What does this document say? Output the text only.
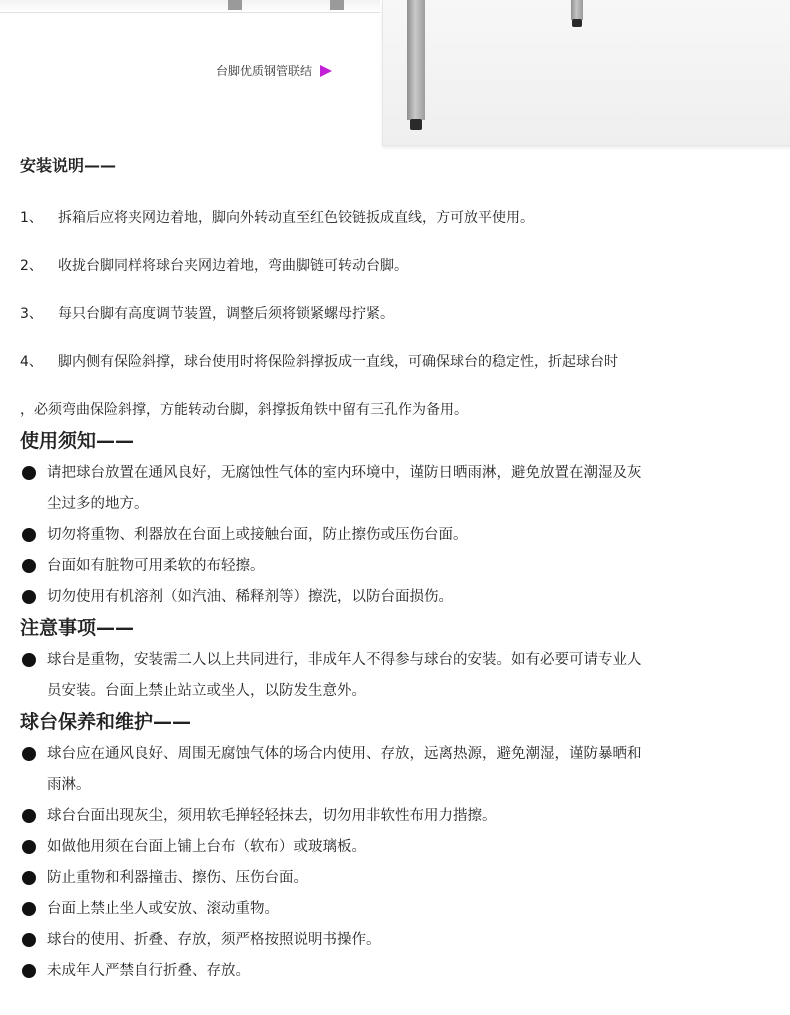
台脚优质钢管联结
安装说明——
1、 拆箱后应将夹网边着地，脚向外转动直至红色铰链扳成直线，方可放平使用。
2、 收拢台脚同样将球台夹网边着地，弯曲脚链可转动台脚。
3、 每只台脚有高度调节装置，调整后须将锁紧螺母拧紧。
4、 脚内侧有保险斜撑，球台使用时将保险斜撑扳成一直线，可确保球台的稳定性，折起球台时
，必须弯曲保险斜撑，方能转动台脚，斜撑扳角铁中留有三孔作为备用。
使用须知——
请把球台放置在通风良好，无腐蚀性气体的室内环境中，谨防日晒雨淋，避免放置在潮湿及灰
尘过多的地方。
切勿将重物、利器放在台面上或接触台面，防止擦伤或压伤台面。
台面如有脏物可用柔软的布轻擦。
切勿使用有机溶剂（如汽油、稀释剂等）擦洗，以防台面损伤。
注意事项——
球台是重物，安装需二人以上共同进行，非成年人不得参与球台的安装。如有必要可请专业人
员安装。台面上禁止站立或坐人，以防发生意外。
球台保养和维护——
球台应在通风良好、周围无腐蚀气体的场合内使用、存放，远离热源，避免潮湿，谨防暴晒和
雨淋。
球台台面出现灰尘，须用软毛掸轻轻抹去，切勿用非软性布用力揩擦。
如做他用须在台面上铺上台布（软布）或玻璃板。
防止重物和利器撞击、擦伤、压伤台面。
台面上禁止坐人或安放、滚动重物。
球台的使用、折叠、存放，须严格按照说明书操作。
未成年人严禁自行折叠、存放。
